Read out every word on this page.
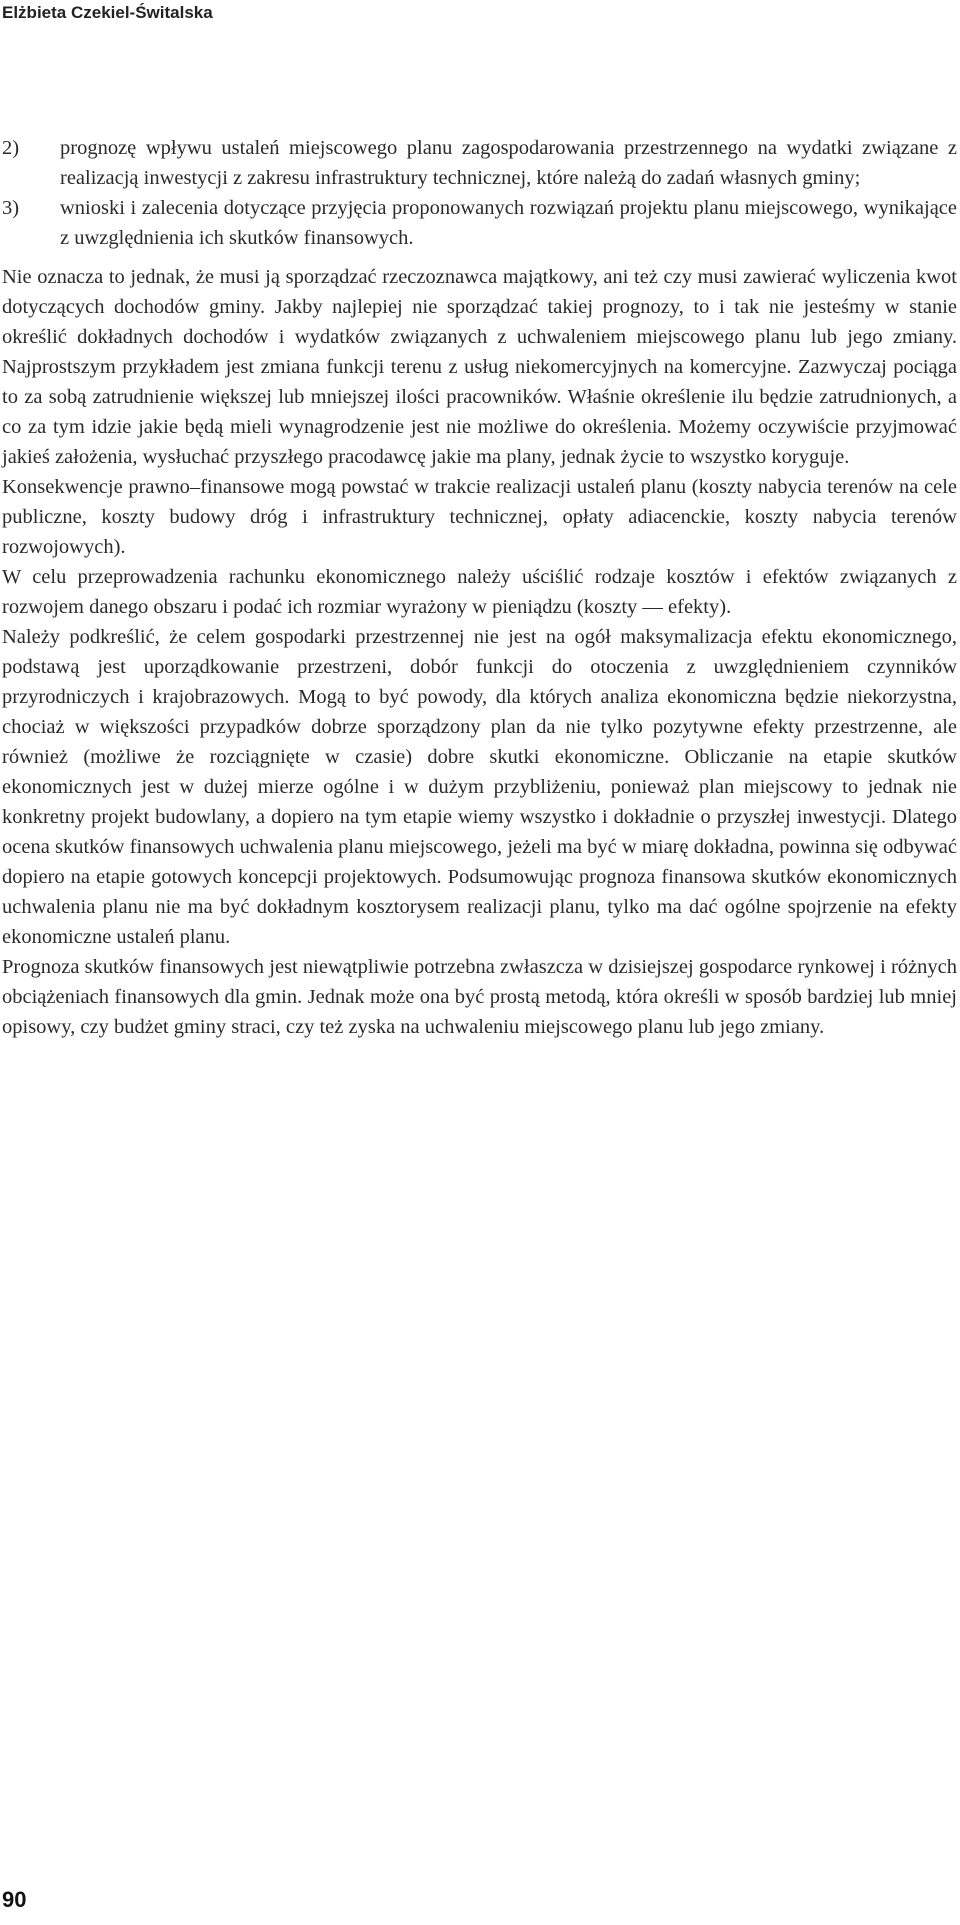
Elżbieta Czekiel-Świtalska
2)	prognozę wpływu ustaleń miejscowego planu zagospodarowania przestrzennego na wydatki związane z realizacją inwestycji z zakresu infrastruktury technicznej, które należą do zadań własnych gminy;
3)	wnioski i zalecenia dotyczące przyjęcia proponowanych rozwiązań projektu planu miejscowego, wynikające z uwzględnienia ich skutków finansowych.

Nie oznacza to jednak, że musi ją sporządzać rzeczoznawca majątkowy, ani też czy musi zawierać wyliczenia kwot dotyczących dochodów gminy. Jakby najlepiej nie sporządzać takiej prognozy, to i tak nie jesteśmy w stanie określić dokładnych dochodów i wydatków związanych z uchwaleniem miejscowego planu lub jego zmiany. Najprostszym przykładem jest zmiana funkcji terenu z usług niekomercyjnych na komercyjne. Zazwyczaj pociąga to za sobą zatrudnienie większej lub mniejszej ilości pracowników. Właśnie określenie ilu będzie zatrudnionych, a co za tym idzie jakie będą mieli wynagrodzenie jest nie możliwe do określenia. Możemy oczywiście przyjmować jakieś założenia, wysłuchać przyszłego pracodawcę jakie ma plany, jednak życie to wszystko koryguje.

Konsekwencje prawno–finansowe mogą powstać w trakcie realizacji ustaleń planu (koszty nabycia terenów na cele publiczne, koszty budowy dróg i infrastruktury technicznej, opłaty adiacenckie, koszty nabycia terenów rozwojowych).

W celu przeprowadzenia rachunku ekonomicznego należy uściślić rodzaje kosztów i efektów związanych z rozwojem danego obszaru i podać ich rozmiar wyrażony w pieniądzu (koszty — efekty).

Należy podkreślić, że celem gospodarki przestrzennej nie jest na ogół maksymalizacja efektu ekonomicznego, podstawą jest uporządkowanie przestrzeni, dobór funkcji do otoczenia z uwzględnieniem czynników przyrodniczych i krajobrazowych. Mogą to być powody, dla których analiza ekonomiczna będzie niekorzystna, chociaż w większości przypadków dobrze sporządzony plan da nie tylko pozytywne efekty przestrzenne, ale również (możliwe że rozciągnięte w czasie) dobre skutki ekonomiczne. Obliczanie na etapie skutków ekonomicznych jest w dużej mierze ogólne i w dużym przybliżeniu, ponieważ plan miejscowy to jednak nie konkretny projekt budowlany, a dopiero na tym etapie wiemy wszystko i dokładnie o przyszłej inwestycji. Dlatego ocena skutków finansowych uchwalenia planu miejscowego, jeżeli ma być w miarę dokładna, powinna się odbywać dopiero na etapie gotowych koncepcji projektowych. Podsumowując prognoza finansowa skutków ekonomicznych uchwalenia planu nie ma być dokładnym kosztorysem realizacji planu, tylko ma dać ogólne spojrzenie na efekty ekonomiczne ustaleń planu.

Prognoza skutków finansowych jest niewątpliwie potrzebna zwłaszcza w dzisiejszej gospodarce rynkowej i różnych obciążeniach finansowych dla gmin. Jednak może ona być prostą metodą, która określi w sposób bardziej lub mniej opisowy, czy budżet gminy straci, czy też zyska na uchwaleniu miejscowego planu lub jego zmiany.

90
